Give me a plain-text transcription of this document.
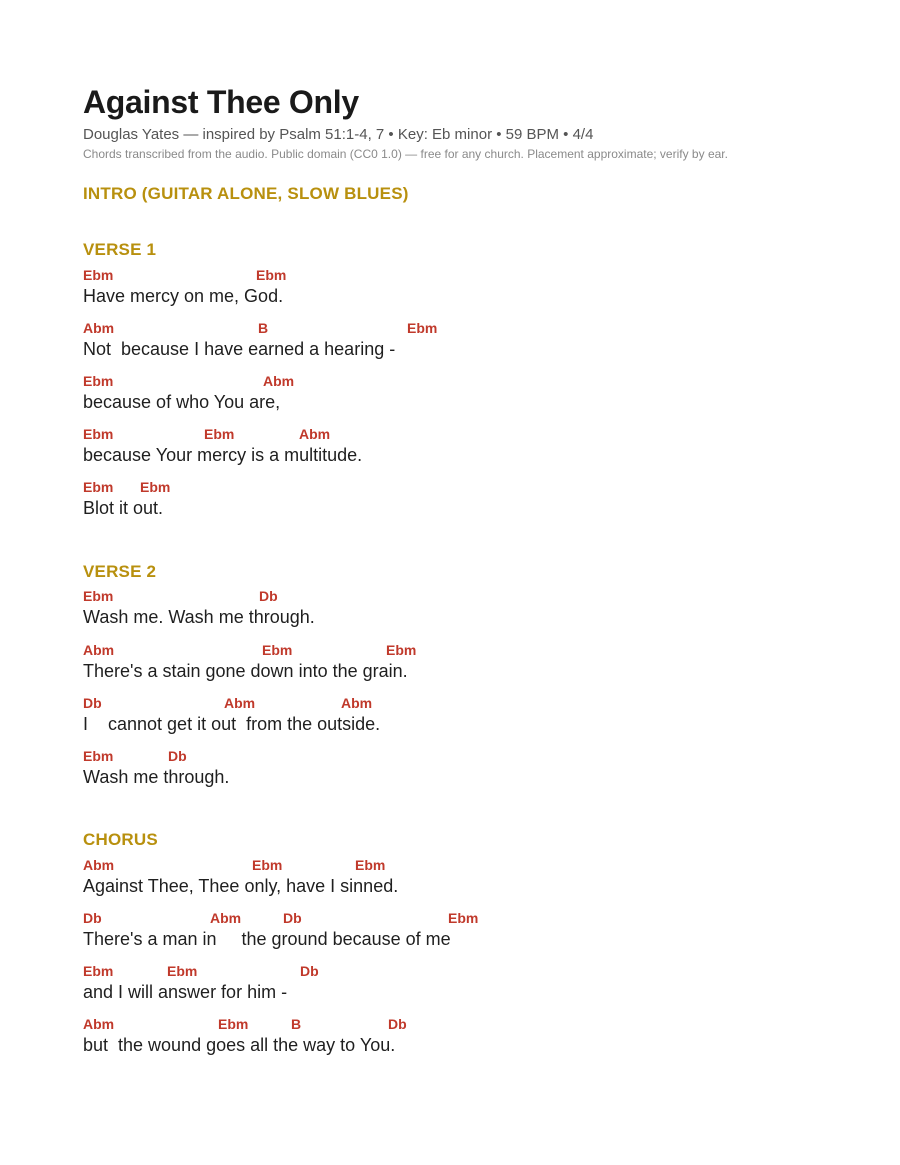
Against Thee Only
Douglas Yates — inspired by Psalm 51:1-4, 7 • Key: Eb minor • 59 BPM • 4/4
Chords transcribed from the audio. Public domain (CC0 1.0) — free for any church. Placement approximate; verify by ear.
INTRO (GUITAR ALONE, SLOW BLUES)
VERSE 1
Ebm	Ebm
Have mercy on me, God.
Abm	B	Ebm
Not  because I have earned a hearing -
Ebm	Abm
because of who You are,
Ebm	Ebm	Abm
because Your mercy is a multitude.
Ebm Ebm
Blot it out.
VERSE 2
Ebm	Db
Wash me. Wash me through.
Abm	Ebm	Ebm
There's a stain gone down into the grain.
Db	Abm	Abm
I    cannot get it out  from the outside.
Ebm	Db
Wash me through.
CHORUS
Abm	Ebm	Ebm
Against Thee, Thee only, have I sinned.
Db	Abm	Db	Ebm
There's a man in     the ground because of me
Ebm	Ebm	Db
and I will answer for him -
Abm	Ebm	B	Db
but  the wound goes all the way to You.
